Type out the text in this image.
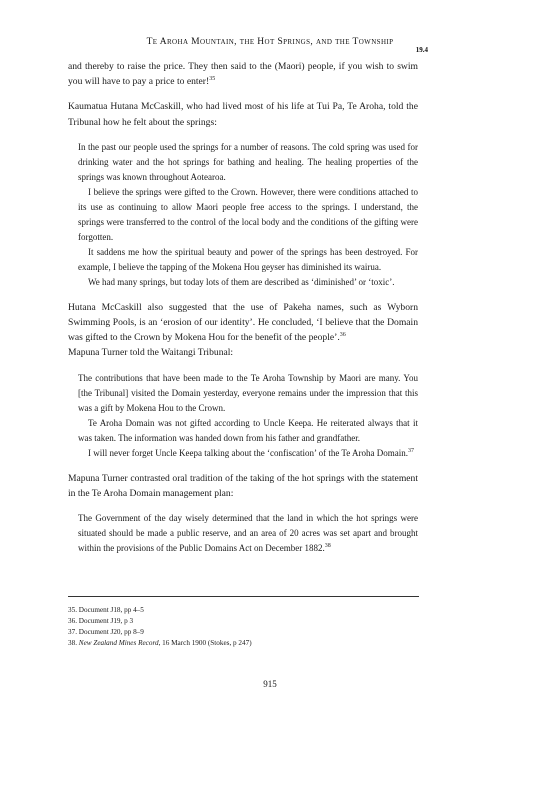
Te Aroha Mountain, the Hot Springs, and the Township
19.4

and thereby to raise the price. They then said to the (Maori) people, if you wish to swim you will have to pay a price to enter!$^{35}$

Kaumatua Hutana McCaskill, who had lived most of his life at Tui Pa, Te Aroha, told the Tribunal how he felt about the springs:

In the past our people used the springs for a number of reasons. The cold spring was used for drinking water and the hot springs for bathing and healing. The healing properties of the springs was known throughout Aotearoa.

I believe the springs were gifted to the Crown. However, there were conditions attached to its use as continuing to allow Maori people free access to the springs. I understand, the springs were transferred to the control of the local body and the conditions of the gifting were forgotten.

It saddens me how the spiritual beauty and power of the springs has been destroyed. For example, I believe the tapping of the Mokena Hou geyser has diminished its wairua.

We had many springs, but today lots of them are described as ‘diminished’ or ‘toxic’.

Hutana McCaskill also suggested that the use of Pakeha names, such as Wyborn Swimming Pools, is an ‘erosion of our identity’. He concluded, ‘I believe that the Domain was gifted to the Crown by Mokena Hou for the benefit of the people’.$^{36}$

Mapuna Turner told the Waitangi Tribunal:

The contributions that have been made to the Te Aroha Township by Maori are many. You [the Tribunal] visited the Domain yesterday, everyone remains under the impression that this was a gift by Mokena Hou to the Crown.

Te Aroha Domain was not gifted according to Uncle Keepa. He reiterated always that it was taken. The information was handed down from his father and grandfather.

I will never forget Uncle Keepa talking about the ‘confiscation’ of the Te Aroha Domain.$^{37}$

Mapuna Turner contrasted oral tradition of the taking of the hot springs with the statement in the Te Aroha Domain management plan:

The Government of the day wisely determined that the land in which the hot springs were situated should be made a public reserve, and an area of 20 acres was set apart and brought within the provisions of the Public Domains Act on December 1882.38

35. Document J18, pp 4–5
36. Document J19, p 3
37. Document J20, pp 8–9
38. New Zealand Mines Record, 16 March 1900 (Stokes, p 247)
915
